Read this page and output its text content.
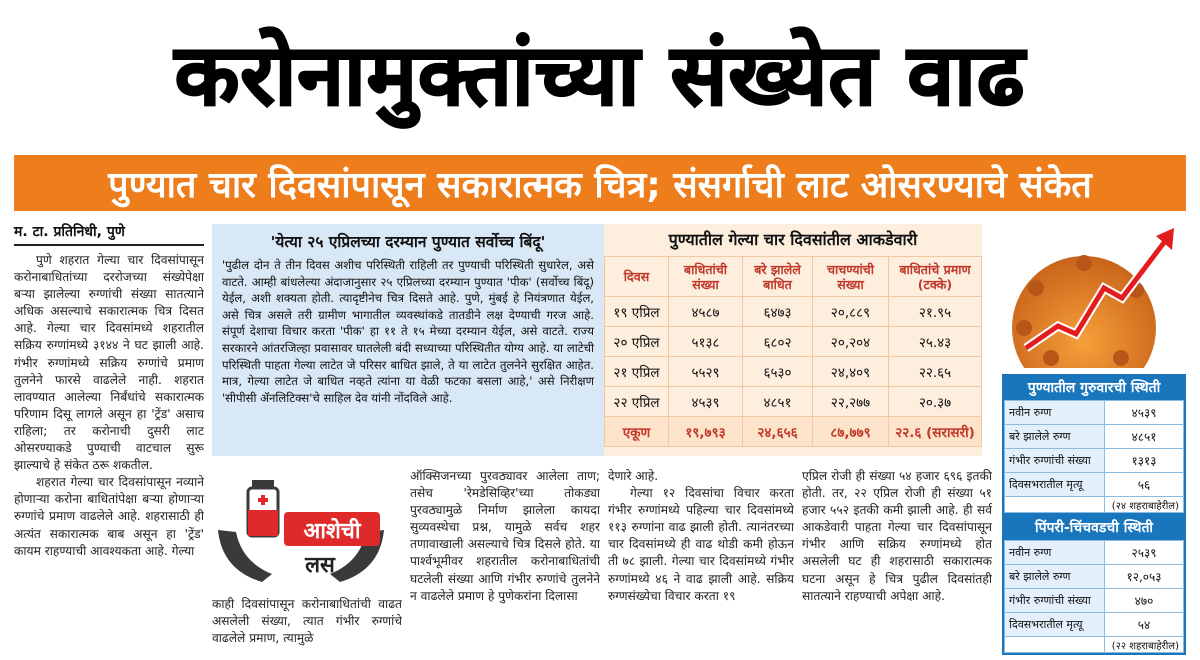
करोनामुक्तांच्या संख्येत वाढ
पुण्यात चार दिवसांपासून सकारात्मक चित्र; संसर्गाची लाट ओसरण्याचे संकेत
म. टा. प्रतिनिधी, पुणे

पुणे शहरात गेल्या चार दिवसांपासून करोनाबाधितांच्या दररोजच्या संख्येपेक्षा बऱ्या झालेल्या रुग्णांची संख्या सातत्याने अधिक असल्याचे सकारात्मक चित्र दिसत आहे. गेल्या चार दिवसांमध्ये शहरातील सक्रिय रुग्णांमध्ये ३१४४ ने घट झाली आहे. गंभीर रुग्णांमध्ये सक्रिय रुग्णांचे प्रमाण तुलनेने फारसे वाढलेले नाही. शहरात लावण्यात आलेल्या निर्बंधांचे सकारात्मक परिणाम दिसू लागले असून हा 'ट्रेंड' असाच राहिला; तर करोनाची दुसरी लाट ओसरण्याकडे पुण्याची वाटचाल सुरू झाल्याचे हे संकेत ठरू शकतील.

शहरात गेल्या चार दिवसांपासून नव्याने होणाऱ्या करोना बाधितांपेक्षा बऱ्या होणाऱ्या रुग्णांचे प्रमाण वाढलेले आहे. शहरासाठी ही अत्यंत सकारात्मक बाब असून हा 'ट्रेंड' कायम राहण्याची आवश्यकता आहे. गेल्या

'येत्या २५ एप्रिलच्या दरम्यान पुण्यात सर्वोच्च बिंदू'

'पुढील दोन ते तीन दिवस अशीच परिस्थिती राहिली तर पुण्याची परिस्थिती सुधारेल, असे वाटते. आम्ही बांधलेल्या अंदाजानुसार २५ एप्रिलच्या दरम्यान पुण्यात 'पीक' (सर्वोच्च बिंदू) येईल, अशी शक्यता होती. त्यादृष्टीनेच चित्र दिसते आहे. पुणे, मुंबई हे नियंत्रणात येईल, असे चित्र असले तरी ग्रामीण भागातील व्यवस्थांकडे तातडीने लक्ष देण्याची गरज आहे. संपूर्ण देशाचा विचार करता 'पीक' हा ११ ते १५ मेच्या दरम्यान येईल, असे वाटते. राज्य सरकारने आंतरजिल्हा प्रवासावर घातलेली बंदी सध्याच्या परिस्थितीत योग्य आहे. या लाटेची परिस्थिती पाहता गेल्या लाटेत जे परिसर बाधित झाले, ते या लाटेत तुलनेने सुरक्षित आहेत. मात्र, गेल्या लाटेत जे बाधित नव्हते त्यांना या वेळी फटका बसला आहे,' असे निरीक्षण 'सीपीसी ॲनलिटिक्स'चे साहिल देव यांनी नोंदविले आहे.

पुण्यातील गेल्या चार दिवसांतील आकडेवारी
दिवस	बाधितांची संख्या	बरे झालेले बाधित	चाचण्यांची संख्या	बाधितांचे प्रमाण (टक्के)
१९ एप्रिल	४५८७	६४७३	२०,८८९	२१.९५
२० एप्रिल	५१३८	६८०२	२०,२०४	२५.४३
२१ एप्रिल	५५२९	६५३०	२४,४०९	२२.६५
२२ एप्रिल	४५३९	४८५१	२२,२७७	२०.३७
एकूण	१९,७९३	२४,६५६	८७,७७९	२२.६ (सरासरी)
पुण्यातील गुरुवारची स्थिती
नवीन रुग्ण	४५३९
बरे झालेले रुग्ण	४८५१
गंभीर रुग्णांची संख्या	१३१३
दिवसभरातील मृत्यू	५६
	(२४ शहराबाहेरील)
पिंपरी-चिंचवडची स्थिती
नवीन रुग्ण	२५३९
बरे झालेले रुग्ण	१२,०५३
गंभीर रुग्णांची संख्या	४७०
दिवसभरातील मृत्यू	५४
	(२२ शहराबाहेरील)
आशेची
लस

काही दिवसांपासून करोनाबाधितांची वाढत असलेली संख्या, त्यात गंभीर रुग्णांचे वाढलेले प्रमाण, त्यामुळे

ऑक्सिजनच्या पुरवठ्यावर आलेला ताण; तसेच 'रेमडेसिव्हिर'च्या तोकड्या पुरवठ्यामुळे निर्माण झालेला कायदा सुव्यवस्थेचा प्रश्न, यामुळे सर्वच शहर तणावाखाली असल्याचे चित्र दिसले होते. या पार्श्वभूमीवर शहरातील करोनाबाधितांची घटलेली संख्या आणि गंभीर रुग्णांचे तुलनेने न वाढलेले प्रमाण हे पुणेकरांना दिलासा

देणारे आहे.

गेल्या १२ दिवसांचा विचार करता गंभीर रुग्णांमध्ये पहिल्या चार दिवसांमध्ये ११३ रुग्णांना वाढ झाली होती. त्यानंतरच्या चार दिवसांमध्ये ही वाढ थोडी कमी होऊन ती ७८ झाली. गेल्या चार दिवसांमध्ये गंभीर रुग्णांमध्ये ४६ ने वाढ झाली आहे. सक्रिय रुग्णसंख्येचा विचार करता १९

एप्रिल रोजी ही संख्या ५४ हजार ६९६ इतकी होती. तर, २२ एप्रिल रोजी ही संख्या ५१ हजार ५५२ इतकी कमी झाली आहे. ही सर्व आकडेवारी पाहता गेल्या चार दिवसांपासून गंभीर आणि सक्रिय रुग्णांमध्ये होत असलेली घट ही शहरासाठी सकारात्मक घटना असून हे चित्र पुढील दिवसांतही सातत्याने राहण्याची अपेक्षा आहे.
